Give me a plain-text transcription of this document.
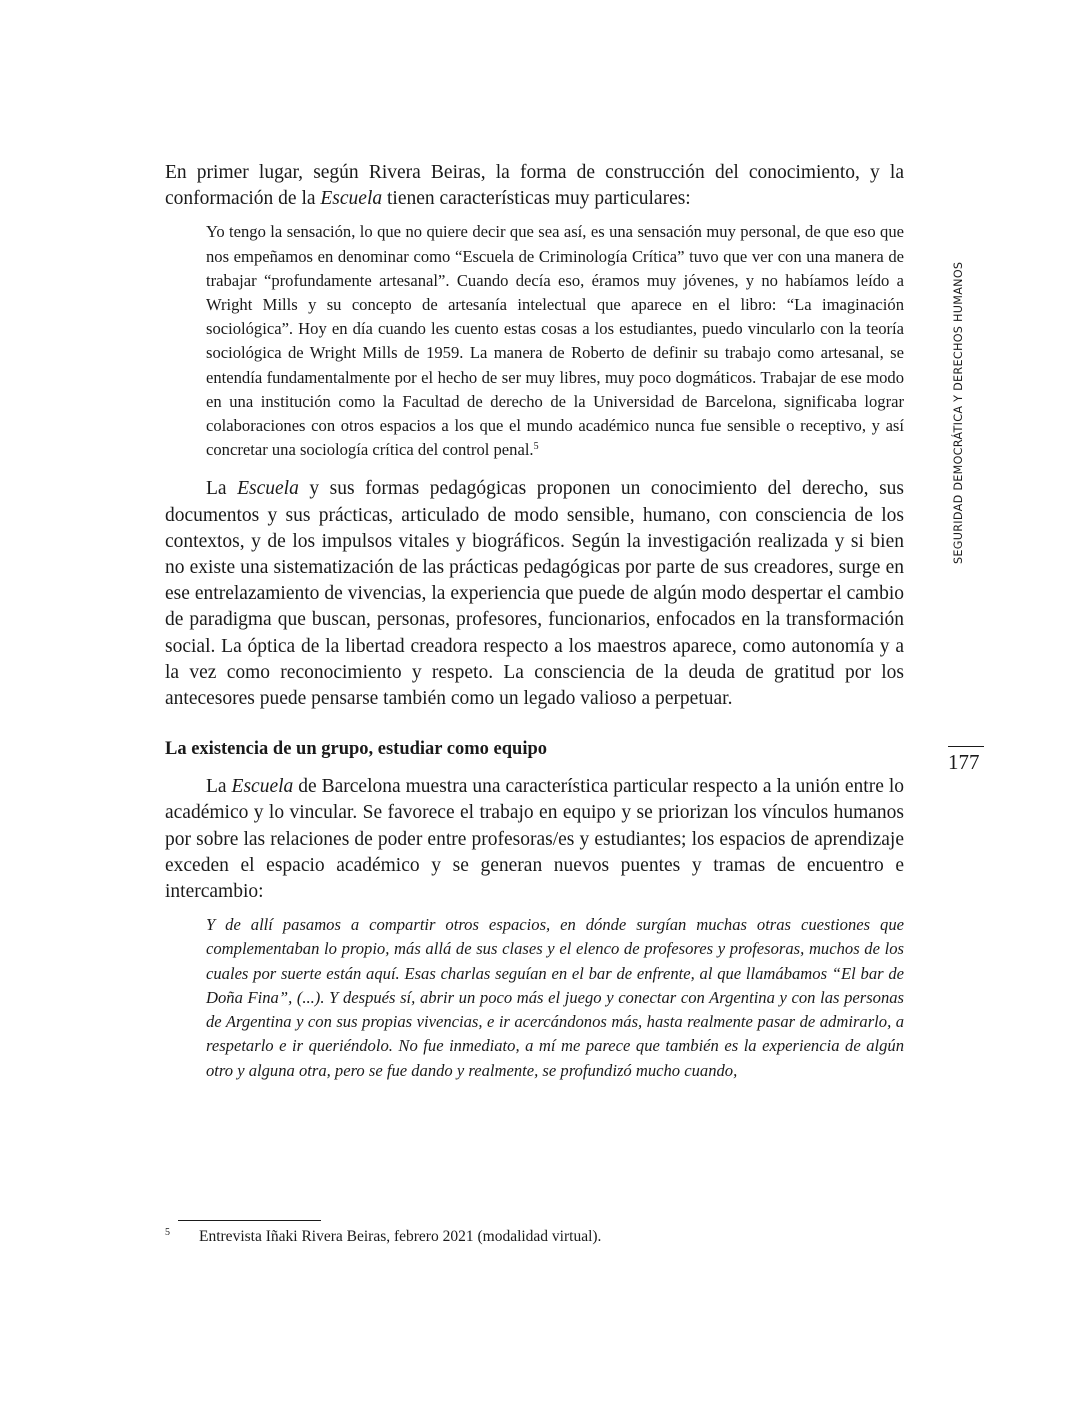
En primer lugar, según Rivera Beiras, la forma de construcción del conocimiento, y la conformación de la Escuela tienen características muy particulares:

Yo tengo la sensación, lo que no quiere decir que sea así, es una sensación muy personal, de que eso que nos empeñamos en denominar como “Escuela de Criminología Crítica” tuvo que ver con una manera de trabajar “profundamente artesanal”. Cuando decía eso, éramos muy jóvenes, y no habíamos leído a Wright Mills y su concepto de artesanía intelectual que aparece en el libro: “La imaginación sociológica”. Hoy en día cuando les cuento estas cosas a los estudiantes, puedo vincularlo con la teoría sociológica de Wright Mills de 1959. La manera de Roberto de definir su trabajo como artesanal, se entendía fundamentalmente por el hecho de ser muy libres, muy poco dogmáticos. Trabajar de ese modo en una institución como la Facultad de derecho de la Universidad de Barcelona, significaba lograr colaboraciones con otros espacios a los que el mundo académico nunca fue sensible o receptivo, y así concretar una sociología crítica del control penal.$^5$

La Escuela y sus formas pedagógicas proponen un conocimiento del derecho, sus documentos y sus prácticas, articulado de modo sensible, humano, con consciencia de los contextos, y de los impulsos vitales y biográficos. Según la investigación realizada y si bien no existe una sistematización de las prácticas pedagógicas por parte de sus creadores, surge en ese entrelazamiento de vivencias, la experiencia que puede de algún modo despertar el cambio de paradigma que buscan, personas, profesores, funcionarios, enfocados en la transformación social. La óptica de la libertad creadora respecto a los maestros aparece, como autonomía y a la vez como reconocimiento y respeto. La consciencia de la deuda de gratitud por los antecesores puede pensarse también como un legado valioso a perpetuar.

La existencia de un grupo, estudiar como equipo

La Escuela de Barcelona muestra una característica particular respecto a la unión entre lo académico y lo vincular. Se favorece el trabajo en equipo y se priorizan los vínculos humanos por sobre las relaciones de poder entre profesoras/es y estudiantes; los espacios de aprendizaje exceden el espacio académico y se generan nuevos puentes y tramas de encuentro e intercambio:

Y de allí pasamos a compartir otros espacios, en dónde surgían muchas otras cuestiones que complementaban lo propio, más allá de sus clases y el elenco de profesores y profesoras, muchos de los cuales por suerte están aquí. Esas charlas seguían en el bar de enfrente, al que llamábamos “El bar de Doña Fina”, (...). Y después sí, abrir un poco más el juego y conectar con Argentina y con las personas de Argentina y con sus propias vivencias, e ir acercándonos más, hasta realmente pasar de admirarlo, a respetarlo e ir queriéndolo. No fue inmediato, a mí me parece que también es la experiencia de algún otro y alguna otra, pero se fue dando y realmente, se profundizó mucho cuando,

SEGURIDAD DEMOCRÁTICA Y DERECHOS HUMANOS
177
5 Entrevista Iñaki Rivera Beiras, febrero 2021 (modalidad virtual).
